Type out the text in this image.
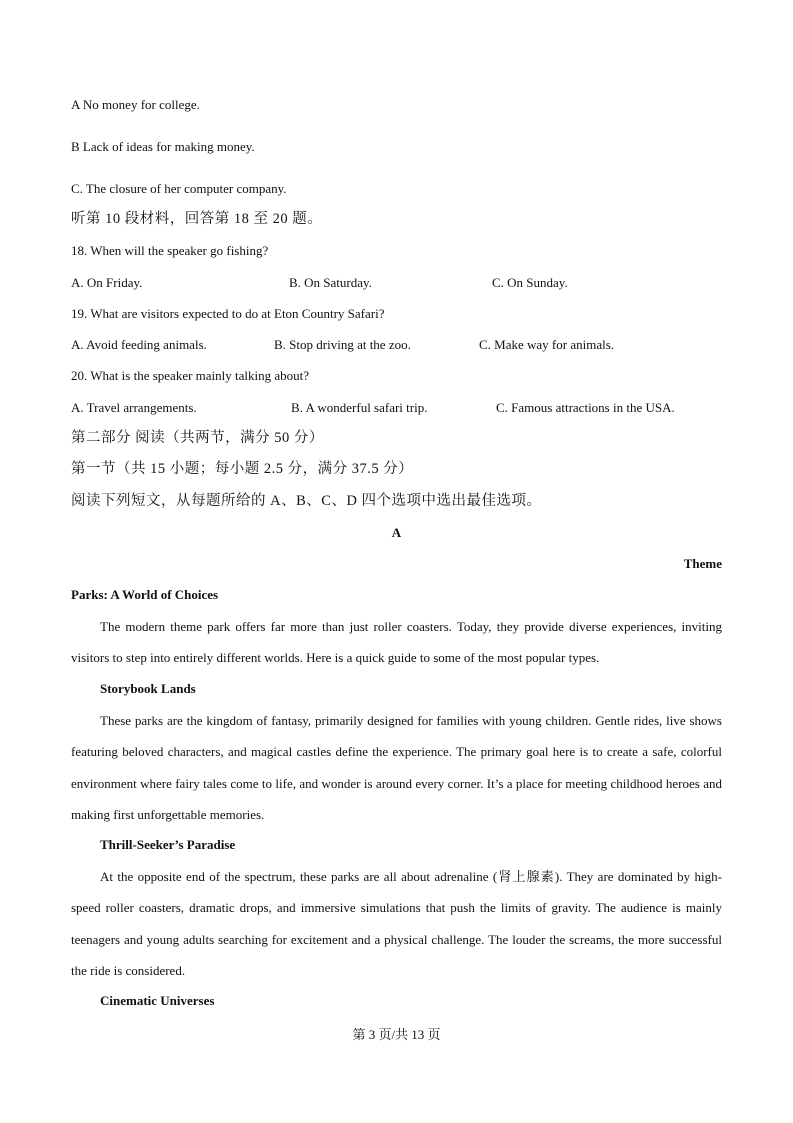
A No money for college.
B Lack of ideas for making money.
C. The closure of her computer company.
听第 10 段材料，回答第 18 至 20 题。
18. When will the speaker go fishing?
A. On Friday.	B. On Saturday.	C. On Sunday.
19. What are visitors expected to do at Eton Country Safari?
A. Avoid feeding animals.	B. Stop driving at the zoo.	C. Make way for animals.
20. What is the speaker mainly talking about?
A. Travel arrangements.	B. A wonderful safari trip.	C. Famous attractions in the USA.
第二部分 阅读（共两节，满分 50 分）
第一节（共 15 小题；每小题 2.5 分，满分 37.5 分）
阅读下列短文，从每题所给的 A、B、C、D 四个选项中选出最佳选项。
A
Theme
Parks: A World of Choices

The modern theme park offers far more than just roller coasters. Today, they provide diverse experiences, inviting visitors to step into entirely different worlds. Here is a quick guide to some of the most popular types.

Storybook Lands

These parks are the kingdom of fantasy, primarily designed for families with young children. Gentle rides, live shows featuring beloved characters, and magical castles define the experience. The primary goal here is to create a safe, colorful environment where fairy tales come to life, and wonder is around every corner. It’s a place for meeting childhood heroes and making first unforgettable memories.

Thrill-Seeker’s Paradise

At the opposite end of the spectrum, these parks are all about adrenaline (肾上腺素). They are dominated by high-speed roller coasters, dramatic drops, and immersive simulations that push the limits of gravity. The audience is mainly teenagers and young adults searching for excitement and a physical challenge. The louder the screams, the more successful the ride is considered.

Cinematic Universes
第 3 页/共 13 页
